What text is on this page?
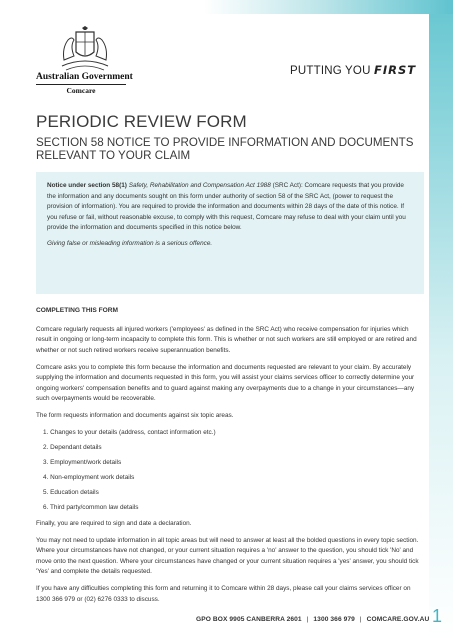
Australian Government
Comcare
PUTTING YOU FIRST
PERIODIC REVIEW FORM
SECTION 58 NOTICE TO PROVIDE INFORMATION AND DOCUMENTS RELEVANT TO YOUR CLAIM

Notice under section 58(1) Safety, Rehabilitation and Compensation Act 1988 (SRC Act): Comcare requests that you provide the information and any documents sought on this form under authority of section 58 of the SRC Act, (power to request the provision of information). You are required to provide the information and documents within 28 days of the date of this notice. If you refuse or fail, without reasonable excuse, to comply with this request, Comcare may refuse to deal with your claim until you provide the information and documents specified in this notice below.

Giving false or misleading information is a serious offence.

COMPLETING THIS FORM

Comcare regularly requests all injured workers ('employees' as defined in the SRC Act) who receive compensation for injuries which result in ongoing or long-term incapacity to complete this form. This is whether or not such workers are still employed or are retired and whether or not such retired workers receive superannuation benefits.

Comcare asks you to complete this form because the information and documents requested are relevant to your claim. By accurately supplying the information and documents requested in this form, you will assist your claims services officer to correctly determine your ongoing workers' compensation benefits and to guard against making any overpayments due to a change in your circumstances—any such overpayments would be recoverable.

The form requests information and documents against six topic areas.

1. Changes to your details (address, contact information etc.)
2. Dependant details
3. Employment/work details
4. Non-employment work details
5. Education details
6. Third party/common law details

Finally, you are required to sign and date a declaration.

You may not need to update information in all topic areas but will need to answer at least all the bolded questions in every topic section. Where your circumstances have not changed, or your current situation requires a 'no' answer to the question, you should tick 'No' and move onto the next question. Where your circumstances have changed or your current situation requires a 'yes' answer, you should tick 'Yes' and complete the details requested.

If you have any difficulties completing this form and returning it to Comcare within 28 days, please call your claims services officer on 1300 366 979 or (02) 6276 0333 to discuss.

GPO BOX 9905 CANBERRA 2601 | 1300 366 979 | COMCARE.GOV.AU 1
